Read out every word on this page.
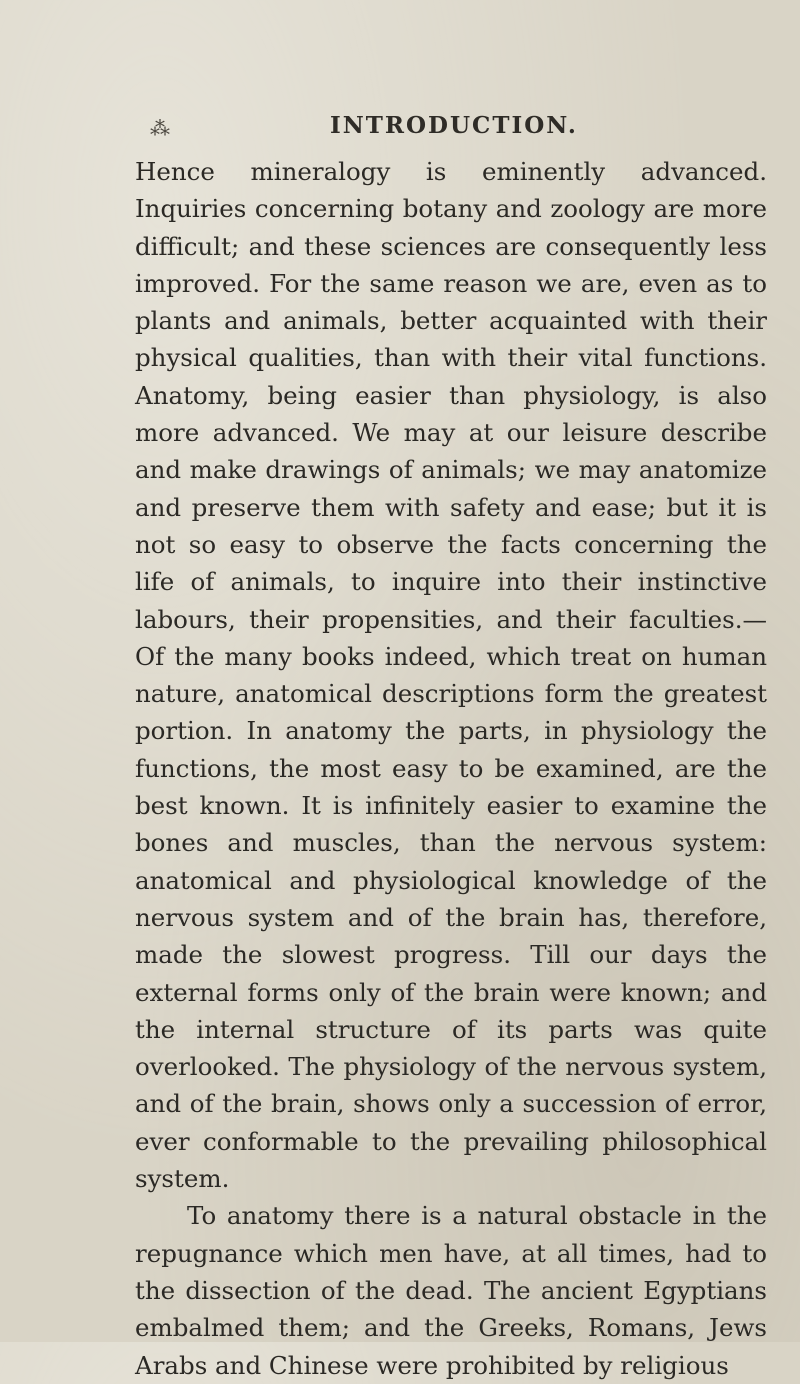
⁂	INTRODUCTION.

Hence mineralogy is eminently advanced. Inquiries concerning botany and zoology are more difficult; and these sciences are consequently less improved. For the same reason we are, even as to plants and animals, better acquainted with their physical qualities, than with their vital functions. Anatomy, being easier than physiology, is also more advanced. We may at our leisure describe and make drawings of animals; we may anatomize and preserve them with safety and ease; but it is not so easy to observe the facts concerning the life of animals, to inquire into their instinctive labours, their propensities, and their faculties.—Of the many books indeed, which treat on human nature, anatomical descriptions form the greatest portion. In anatomy the parts, in physiology the functions, the most easy to be examined, are the best known. It is infinitely easier to examine the bones and muscles, than the nervous system: anatomical and physiological knowledge of the nervous system and of the brain has, therefore, made the slowest progress. Till our days the external forms only of the brain were known; and the internal structure of its parts was quite overlooked. The physiology of the nervous system, and of the brain, shows only a succession of error, ever conformable to the prevailing philosophical system.

To anatomy there is a natural obstacle in the repugnance which men have, at all times, had to the dissection of the dead. The ancient Egyptians embalmed them; and the Greeks, Romans, Jews Arabs and Chinese were prohibited by religious
